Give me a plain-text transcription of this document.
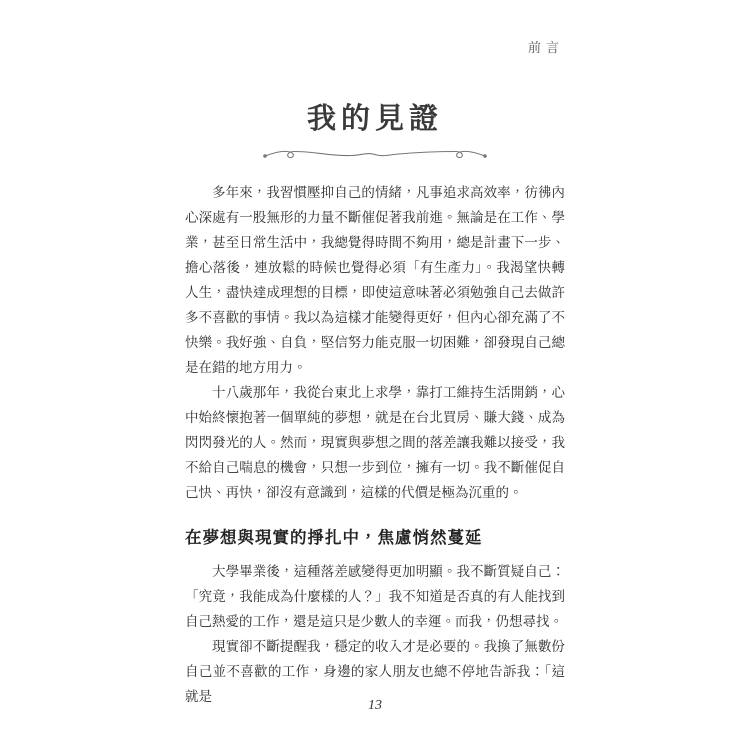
前言
我的見證

多年來，我習慣壓抑自己的情緒，凡事追求高效率，彷彿內心深處有一股無形的力量不斷催促著我前進。無論是在工作、學業，甚至日常生活中，我總覺得時間不夠用，總是計畫下一步、擔心落後，連放鬆的時候也覺得必須「有生產力」。我渴望快轉人生，盡快達成理想的目標，即使這意味著必須勉強自己去做許多不喜歡的事情。我以為這樣才能變得更好，但內心卻充滿了不快樂。我好強、自負，堅信努力能克服一切困難，卻發現自己總是在錯的地方用力。

十八歲那年，我從台東北上求學，靠打工維持生活開銷，心中始終懷抱著一個單純的夢想，就是在台北買房、賺大錢、成為閃閃發光的人。然而，現實與夢想之間的落差讓我難以接受，我不給自己喘息的機會，只想一步到位，擁有一切。我不斷催促自己快、再快，卻沒有意識到，這樣的代價是極為沉重的。

在夢想與現實的掙扎中，焦慮悄然蔓延

大學畢業後，這種落差感變得更加明顯。我不斷質疑自己：「究竟，我能成為什麼樣的人？」我不知道是否真的有人能找到自己熱愛的工作，還是這只是少數人的幸運。而我，仍想尋找。

現實卻不斷提醒我，穩定的收入才是必要的。我換了無數份自己並不喜歡的工作，身邊的家人朋友也總不停地告訴我：「這就是

13
